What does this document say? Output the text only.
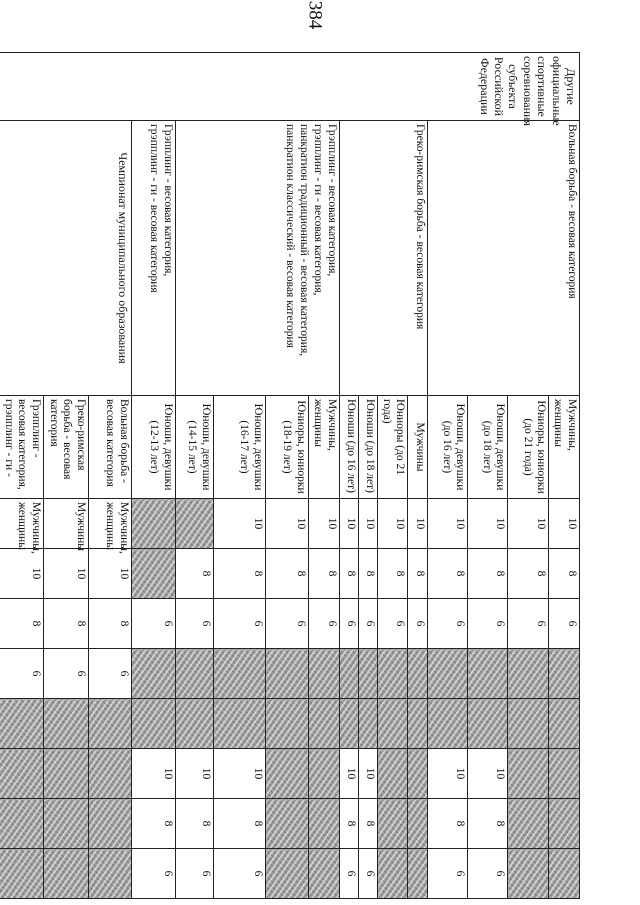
384
Другие официальные спортивные соревнования субъекта Российской Федерации	Вольная борьба - весовая категория	Мужчины, женщины	10	8	6						
		Юниоры, юниорки (до 21 года)	10	8	6						
		Юноши, девушки (до 18 лет)	10	8	6			10	8	6	
		Юноши, девушки (до 16 лет)	10	8	6			10	8	6	
	Греко-римская борьба - весовая категория	Мужчины	10	8	6						
		Юниоры (до 21 года)	10	8	6						
		Юноши (до 18 лет)	10	8	6			10	8	6	
		Юноши (до 16 лет)	10	8	6			10	8	6	

	Грэпплинг - весовая категория,
грэпплинг - ги - весовая категория,
панкратион традиционный - весовая категория,
панкратион классический - весовая категория	Мужчины, женщины	10	8	6						
		Юниоры, юниорки (18-19 лет)	10	8	6						
		Юноши, девушки (16-17 лет)	10	8	6			10	8	6	
		Юноши, девушки (14-15 лет)		8	6			10	8	6	

	Грэпплинг - весовая категория,
грэпплинг - ги - весовая категория	Юноши, девушки (12-13 лет)			6			10	8	6	
	Чемпионат муниципального образования	Вольная борьба - весовая категория	Мужчины, женщины	10	8	6					
		Греко-римская борьба - весовая категория	Мужчины	10	8	6					

		Грэпплинг - весовая категория,
грэпплинг - ги -	Мужчины, женщины	10	8	6					
